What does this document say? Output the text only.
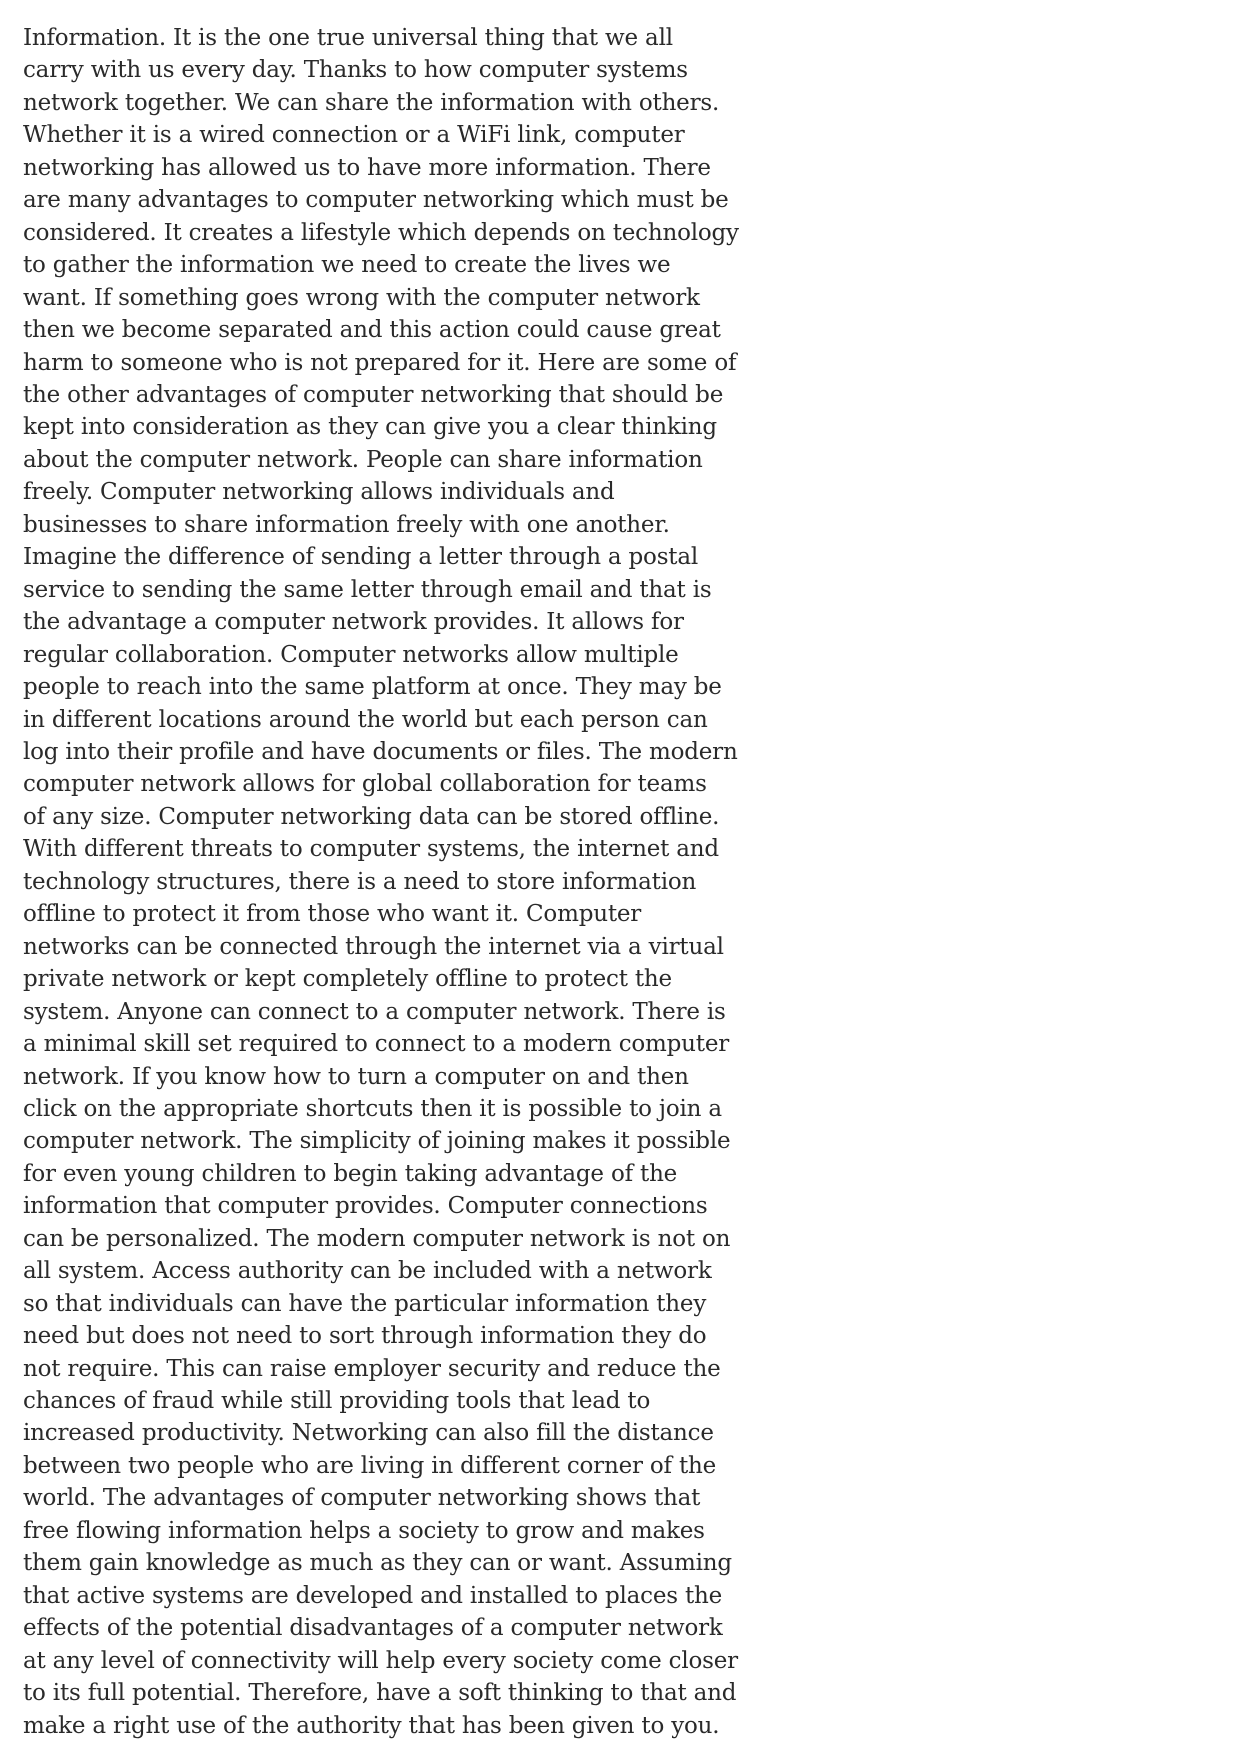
Information. It is the one true universal thing that we all
carry with us every day. Thanks to how computer systems
network together. We can share the information with others.
Whether it is a wired connection or a WiFi link, computer
networking has allowed us to have more information. There
are many advantages to computer networking which must be
considered. It creates a lifestyle which depends on technology
to gather the information we need to create the lives we
want. If something goes wrong with the computer network
then we become separated and this action could cause great
harm to someone who is not prepared for it. Here are some of
the other advantages of computer networking that should be
kept into consideration as they can give you a clear thinking
about the computer network. People can share information
freely. Computer networking allows individuals and
businesses to share information freely with one another.
Imagine the difference of sending a letter through a postal
service to sending the same letter through email and that is
the advantage a computer network provides. It allows for
regular collaboration. Computer networks allow multiple
people to reach into the same platform at once. They may be
in different locations around the world but each person can
log into their profile and have documents or files. The modern
computer network allows for global collaboration for teams
of any size. Computer networking data can be stored offline.
With different threats to computer systems, the internet and
technology structures, there is a need to store information
offline to protect it from those who want it. Computer
networks can be connected through the internet via a virtual
private network or kept completely offline to protect the
system. Anyone can connect to a computer network. There is
a minimal skill set required to connect to a modern computer
network. If you know how to turn a computer on and then
click on the appropriate shortcuts then it is possible to join a
computer network. The simplicity of joining makes it possible
for even young children to begin taking advantage of the
information that computer provides. Computer connections
can be personalized. The modern computer network is not on
all system. Access authority can be included with a network
so that individuals can have the particular information they
need but does not need to sort through information they do
not require. This can raise employer security and reduce the
chances of fraud while still providing tools that lead to
increased productivity. Networking can also fill the distance
between two people who are living in different corner of the
world. The advantages of computer networking shows that
free flowing information helps a society to grow and makes
them gain knowledge as much as they can or want. Assuming
that active systems are developed and installed to places the
effects of the potential disadvantages of a computer network
at any level of connectivity will help every society come closer
to its full potential. Therefore, have a soft thinking to that and
make a right use of the authority that has been given to you.
